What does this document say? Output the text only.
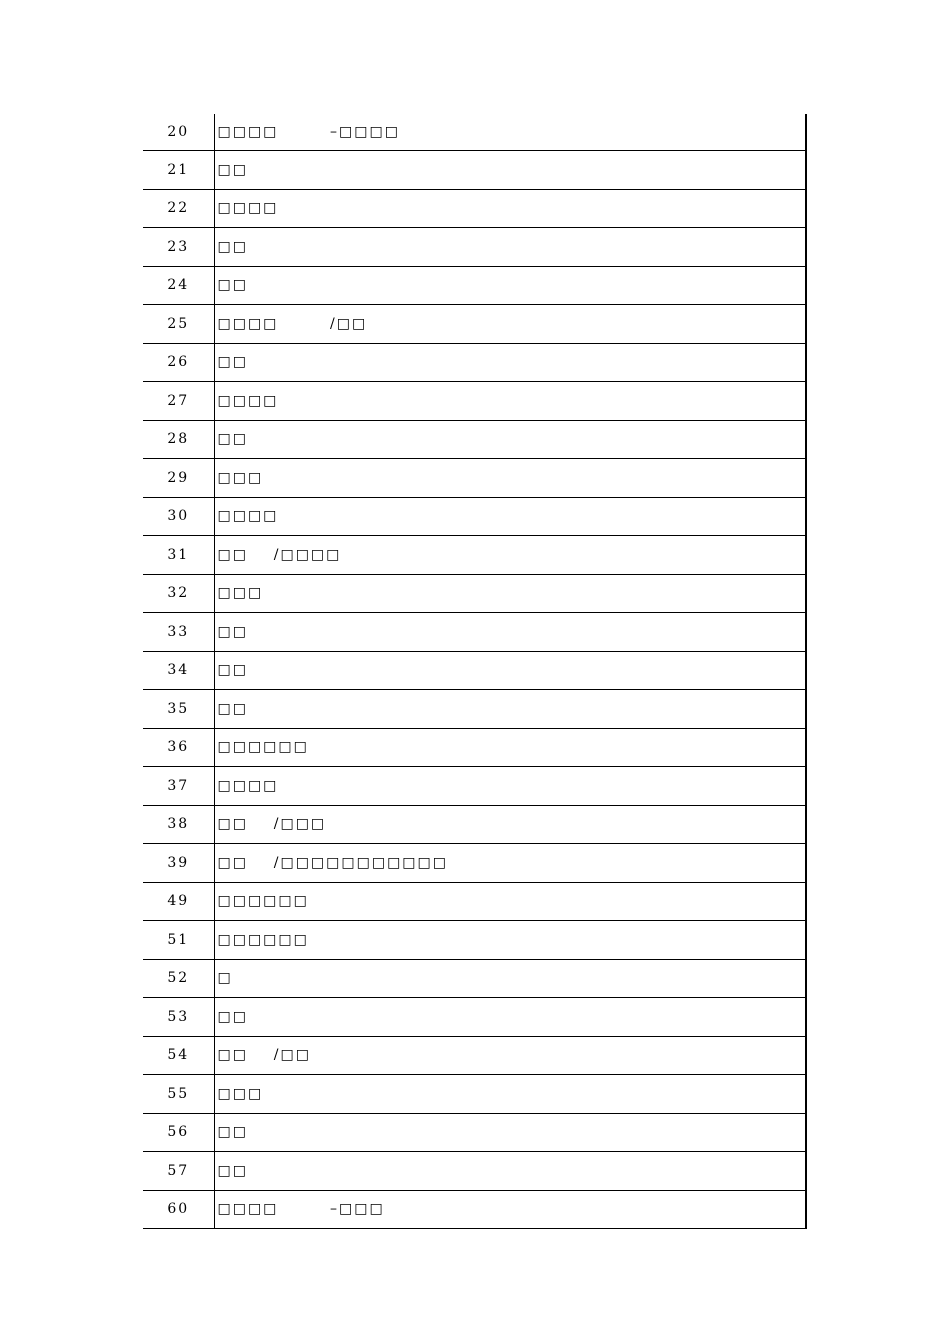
20	□□□□        –□□□□
21	□□
22	□□□□
23	□□
24	□□
25	□□□□        /□□
26	□□
27	□□□□
28	□□
29	□□□
30	□□□□
31	□□    /□□□□
32	□□□
33	□□
34	□□
35	□□
36	□□□□□□
37	□□□□
38	□□    /□□□
39	□□    /□□□□□□□□□□□
49	□□□□□□
51	□□□□□□
52	□
53	□□
54	□□    /□□
55	□□□
56	□□
57	□□
60	□□□□        –□□□
